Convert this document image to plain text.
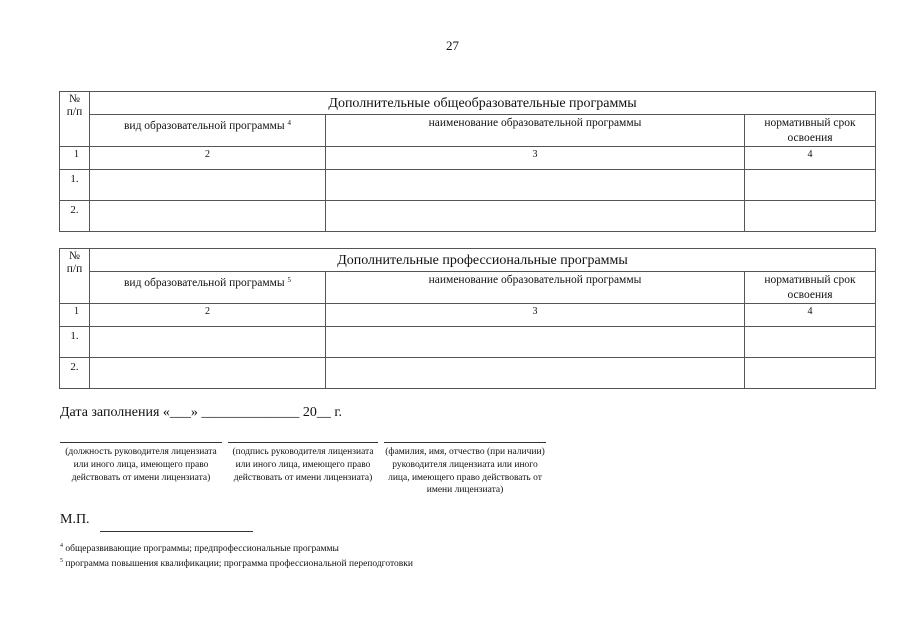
27
№ п/п	Дополнительные общеобразовательные программы		
	вид образовательной программы $^4$	наименование образовательной программы	нормативный срок освоения
1	2	3	4
1.			
2.			
№ п/п	Дополнительные профессиональные программы		
	вид образовательной программы $^5$	наименование образовательной программы	нормативный срок освоения
1	2	3	4
1.			
2.			
Дата заполнения «___» ______________ 20__ г.
(должность руководителя лицензиата или иного лица, имеющего право действовать от имени лицензиата)
(подпись руководителя лицензиата или иного лица, имеющего право действовать от имени лицензиата)
(фамилия, имя, отчество (при наличии) руководителя лицензиата или иного лица, имеющего право действовать от имени лицензиата)
М.П.
$^4$ общеразвивающие программы; предпрофессиональные программы
$^5$ программа повышения квалификации; программа профессиональной переподготовки
